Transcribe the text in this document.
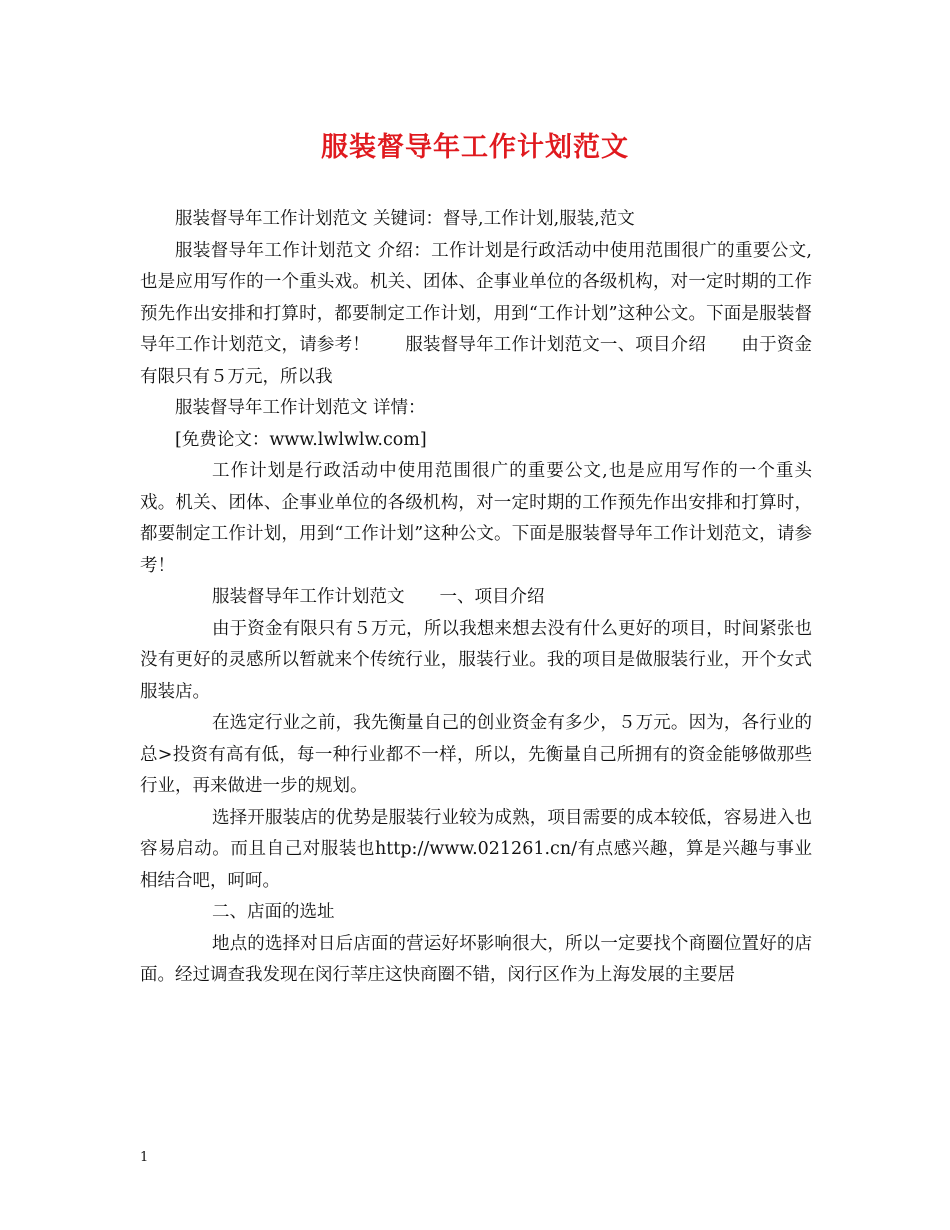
服装督导年工作计划范文

服装督导年工作计划范文 关键词：督导,工作计划,服装,范文

服装督导年工作计划范文 介绍：工作计划是行政活动中使用范围很广的重要公文,也是应用写作的一个重头戏。机关、团体、企事业单位的各级机构，对一定时期的工作预先作出安排和打算时，都要制定工作计划，用到“工作计划”这种公文。下面是服装督导年工作计划范文，请参考！　　服装督导年工作计划范文一、项目介绍　　由于资金有限只有５万元，所以我

服装督导年工作计划范文 详情：

[免费论文：www.lwlwlw.com]

工作计划是行政活动中使用范围很广的重要公文,也是应用写作的一个重头戏。机关、团体、企事业单位的各级机构，对一定时期的工作预先作出安排和打算时，都要制定工作计划，用到“工作计划”这种公文。下面是服装督导年工作计划范文，请参考！

服装督导年工作计划范文　　一、项目介绍

由于资金有限只有５万元，所以我想来想去没有什么更好的项目，时间紧张也没有更好的灵感所以暂就来个传统行业，服装行业。我的项目是做服装行业，开个女式服装店。

在选定行业之前，我先衡量自己的创业资金有多少，５万元。因为，各行业的总>投资有高有低，每一种行业都不一样，所以，先衡量自己所拥有的资金能够做那些行业，再来做进一步的规划。

选择开服装店的优势是服装行业较为成熟，项目需要的成本较低，容易进入也容易启动。而且自己对服装也http://www.021261.cn/有点感兴趣，算是兴趣与事业相结合吧，呵呵。

二、店面的选址

地点的选择对日后店面的营运好坏影响很大，所以一定要找个商圈位置好的店面。经过调查我发现在闵行莘庄这快商圈不错，闵行区作为上海发展的主要居

1
